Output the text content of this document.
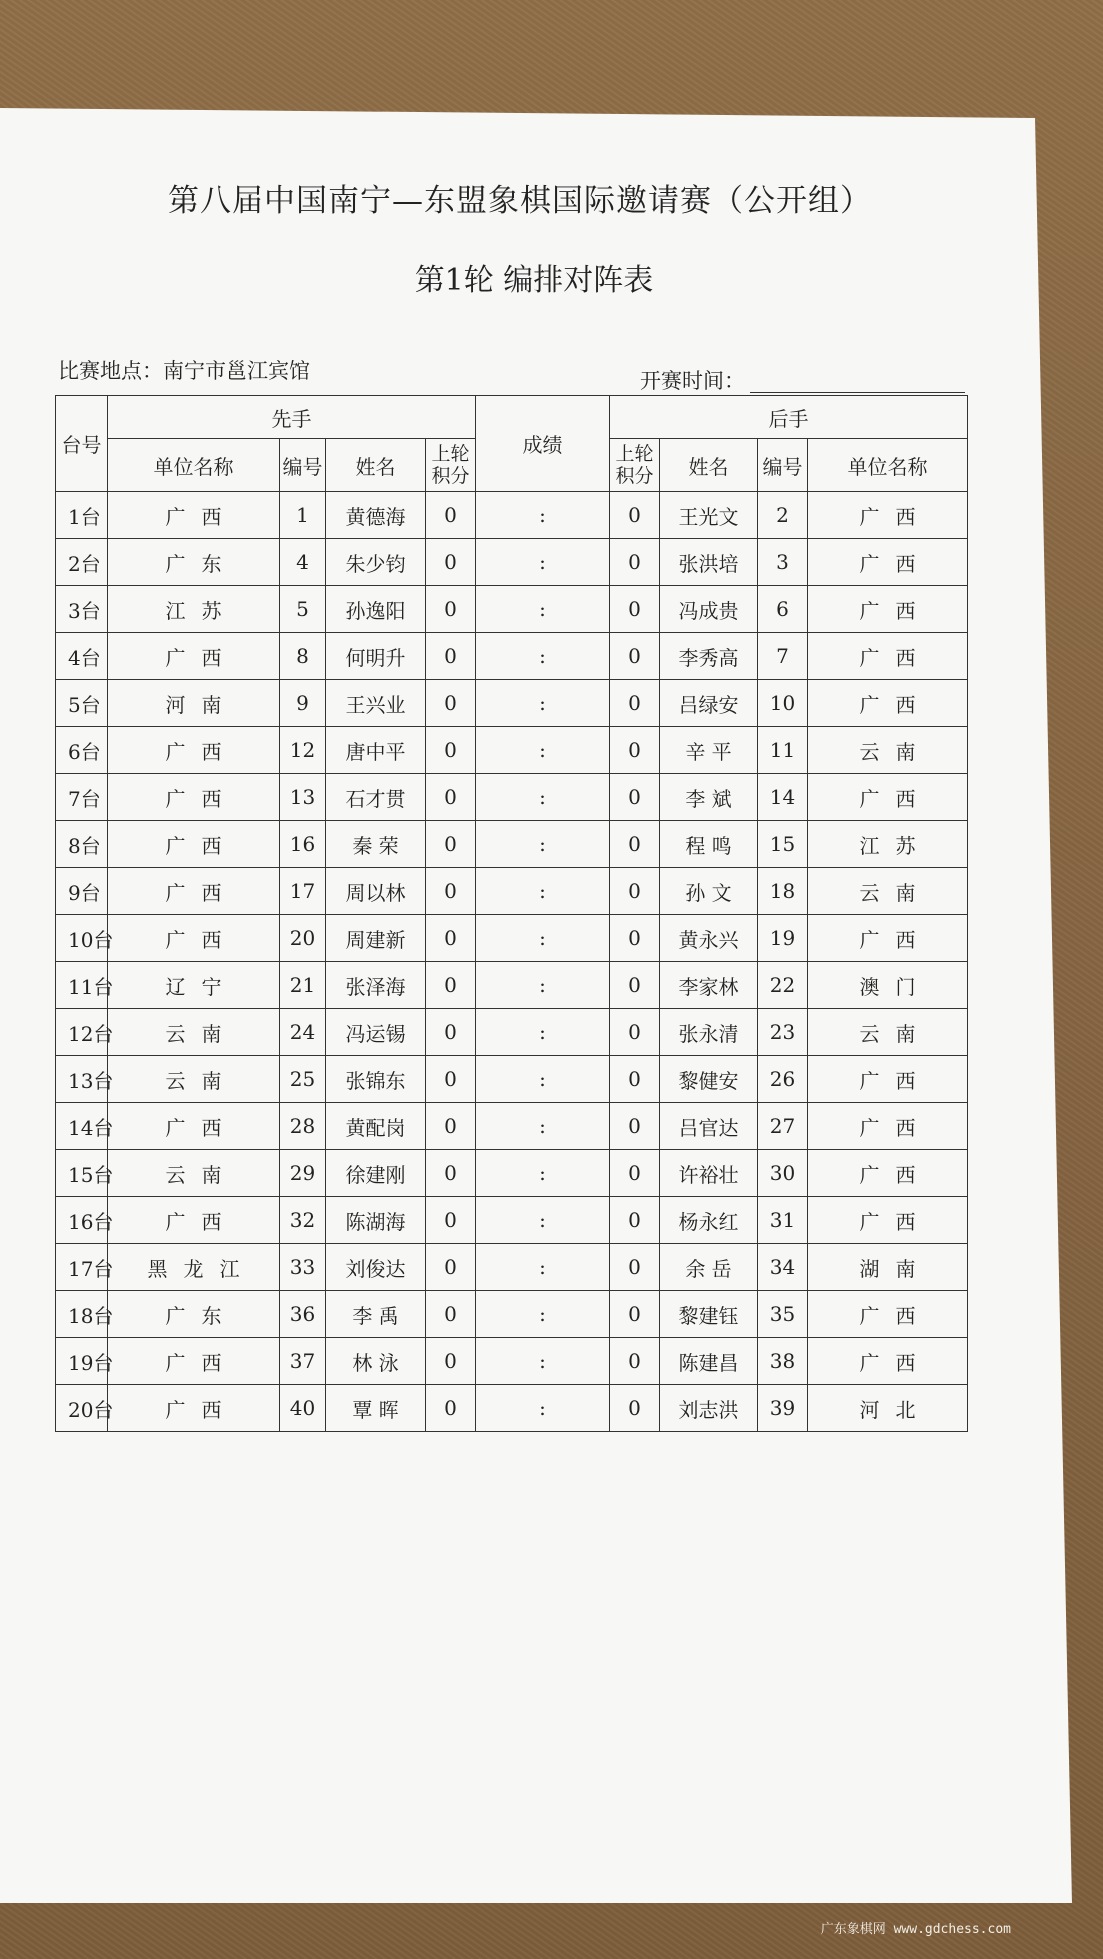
第八届中国南宁—东盟象棋国际邀请赛（公开组）
第1轮 编排对阵表
比赛地点：南宁市邕江宾馆	开赛时间：
台号	先手				成绩	后手			
	单位名称	编号	姓名	上轮积分		上轮积分	姓名	编号	单位名称
1台	广西	1	黄德海	0	:	0	王光文	2	广西
2台	广东	4	朱少钧	0	:	0	张洪培	3	广西
3台	江苏	5	孙逸阳	0	:	0	冯成贵	6	广西
4台	广西	8	何明升	0	:	0	李秀高	7	广西
5台	河南	9	王兴业	0	:	0	吕绿安	10	广西
6台	广西	12	唐中平	0	:	0	辛 平	11	云南
7台	广西	13	石才贯	0	:	0	李 斌	14	广西
8台	广西	16	秦 荣	0	:	0	程 鸣	15	江苏
9台	广西	17	周以林	0	:	0	孙 文	18	云南
10台	广西	20	周建新	0	:	0	黄永兴	19	广西
11台	辽宁	21	张泽海	0	:	0	李家林	22	澳门
12台	云南	24	冯运锡	0	:	0	张永清	23	云南
13台	云南	25	张锦东	0	:	0	黎健安	26	广西
14台	广西	28	黄配岗	0	:	0	吕官达	27	广西
15台	云南	29	徐建刚	0	:	0	许裕壮	30	广西
16台	广西	32	陈湖海	0	:	0	杨永红	31	广西
17台	黑龙江	33	刘俊达	0	:	0	余 岳	34	湖南
18台	广东	36	李 禹	0	:	0	黎建钰	35	广西
19台	广西	37	林 泳	0	:	0	陈建昌	38	广西
20台	广西	40	覃 晖	0	:	0	刘志洪	39	河北
广东象棋网 www.gdchess.com
